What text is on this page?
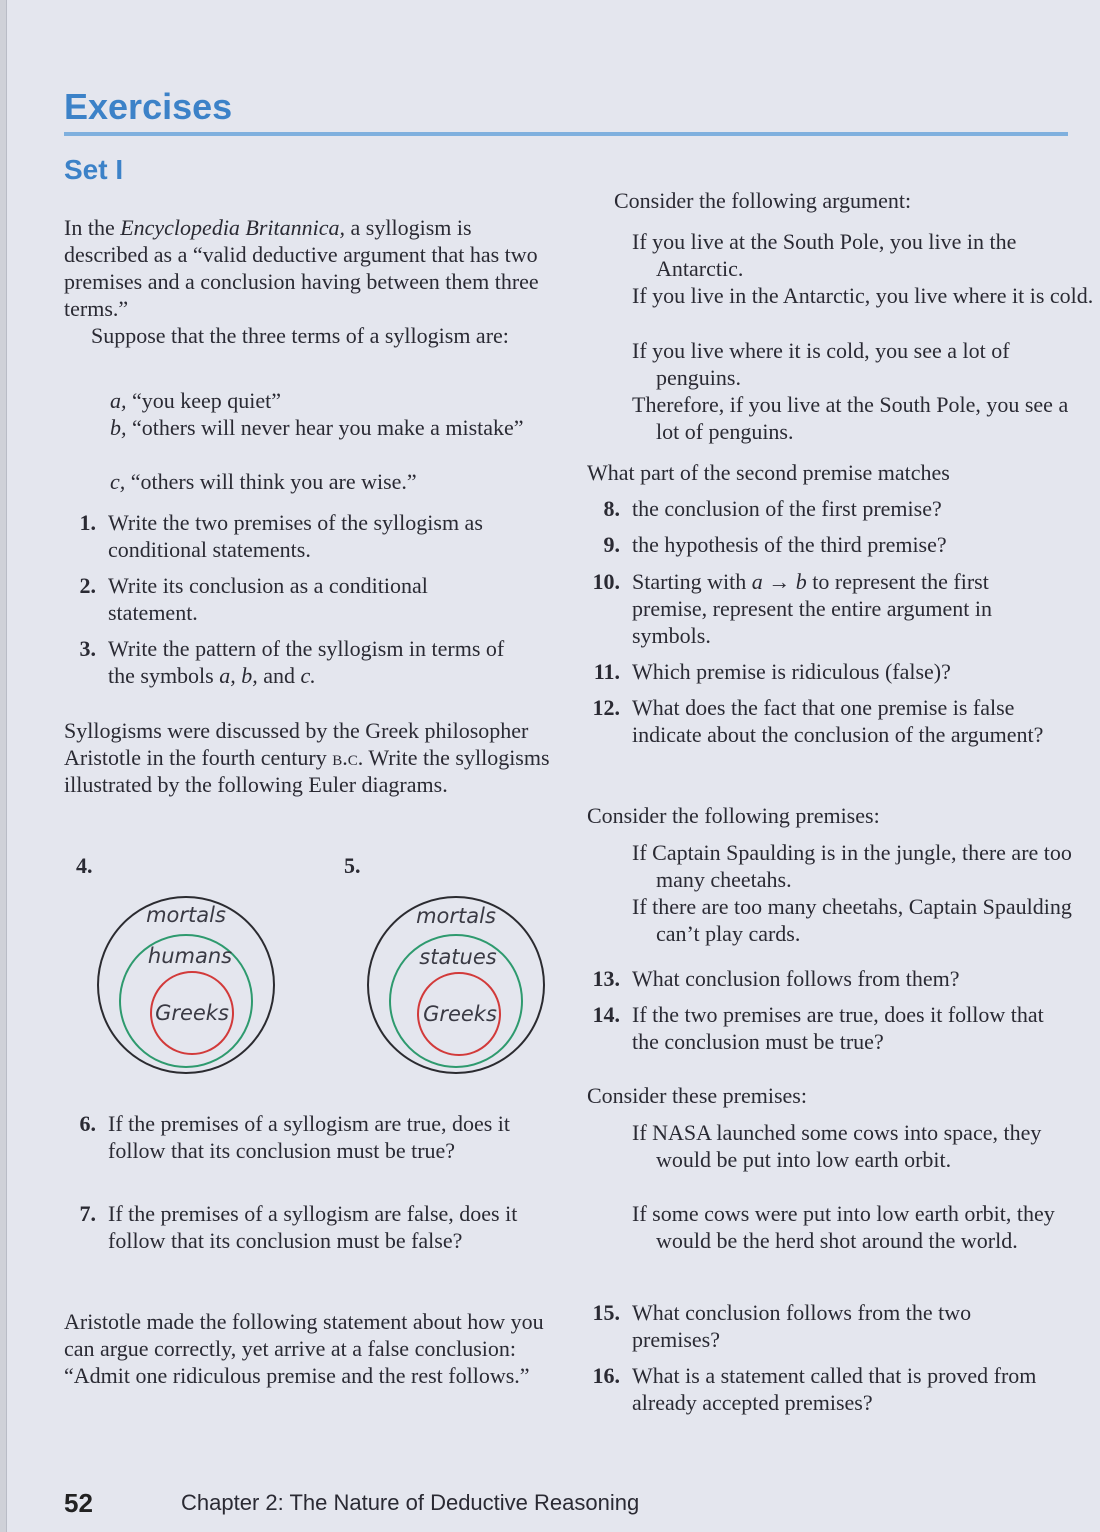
Exercises
Set I

In the Encyclopedia Britannica, a syllogism is described as a “valid deductive argument that has two premises and a conclusion having between them three terms.”

Suppose that the three terms of a syllogism are:

a, “you keep quiet”

b, “others will never hear you make a mistake”

c, “others will think you are wise.”

1. Write the two premises of the syllogism as conditional statements.
2. Write its conclusion as a conditional statement.
3. Write the pattern of the syllogism in terms of the symbols a, b, and c.

Syllogisms were discussed by the Greek philosopher Aristotle in the fourth century b.c. Write the syllogisms illustrated by the following Euler diagrams.

4.
mortals
humans
Greeks
5.
mortals
statues
Greeks
6. If the premises of a syllogism are true, does it follow that its conclusion must be true?
7. If the premises of a syllogism are false, does it follow that its conclusion must be false?

Aristotle made the following statement about how you can argue correctly, yet arrive at a false conclusion: “Admit one ridiculous premise and the rest follows.”

Consider the following argument:

If you live at the South Pole, you live in the Antarctic.

If you live in the Antarctic, you live where it is cold.

If you live where it is cold, you see a lot of penguins.

Therefore, if you live at the South Pole, you see a lot of penguins.

What part of the second premise matches

8. the conclusion of the first premise?
9. the hypothesis of the third premise?
10. Starting with a → b to represent the first premise, represent the entire argument in symbols.
11. Which premise is ridiculous (false)?
12. What does the fact that one premise is false indicate about the conclusion of the argument?

Consider the following premises:

If Captain Spaulding is in the jungle, there are too many cheetahs.

If there are too many cheetahs, Captain Spaulding can’t play cards.

13. What conclusion follows from them?
14. If the two premises are true, does it follow that the conclusion must be true?

Consider these premises:

If NASA launched some cows into space, they would be put into low earth orbit.

If some cows were put into low earth orbit, they would be the herd shot around the world.

15. What conclusion follows from the two premises?
16. What is a statement called that is proved from already accepted premises?
52	Chapter 2: The Nature of Deductive Reasoning
